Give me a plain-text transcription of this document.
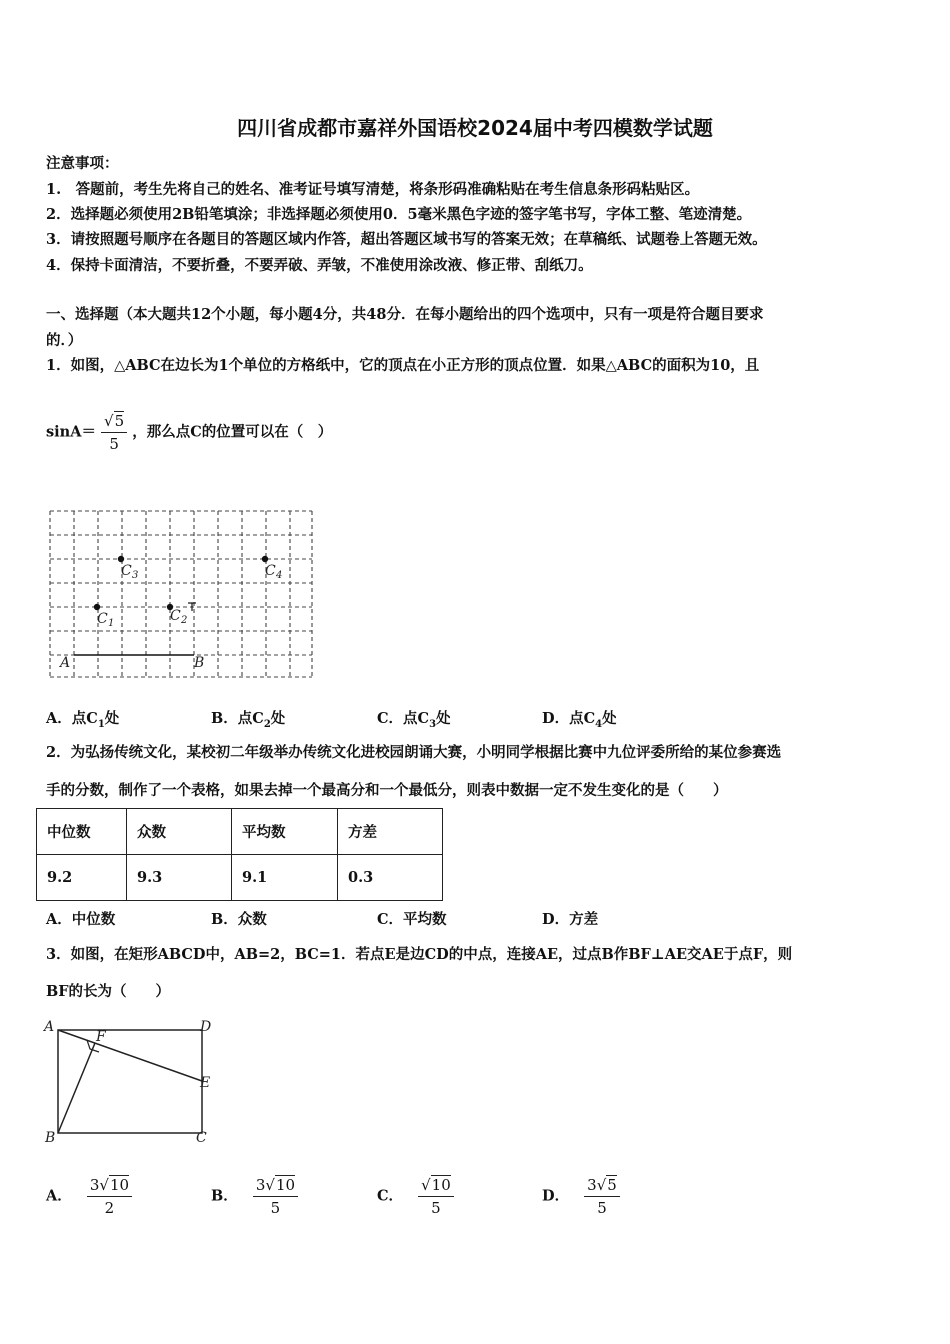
四川省成都市嘉祥外国语校2024届中考四模数学试题
注意事项：
1.　答题前，考生先将自己的姓名、准考证号填写清楚，将条形码准确粘贴在考生信息条形码粘贴区。
2．选择题必须使用2B铅笔填涂；非选择题必须使用0．5毫米黑色字迹的签字笔书写，字体工整、笔迹清楚。
3．请按照题号顺序在各题目的答题区域内作答，超出答题区域书写的答案无效；在草稿纸、试题卷上答题无效。
4．保持卡面清洁，不要折叠，不要弄破、弄皱，不准使用涂改液、修正带、刮纸刀。
一、选择题（本大题共12个小题，每小题4分，共48分．在每小题给出的四个选项中，只有一项是符合题目要求
的．）
1．如图，△ABC在边长为1个单位的方格纸中，它的顶点在小正方形的顶点位置．如果△ABC的面积为10，且
$\sin A= \frac{√5}{5}$ ，那么点C的位置可以在（　）
A	B
C 3	C 4
C 1	C 2
A．点$C_1$处	B．点$C_2$处	C．点$C_3$处	D．点$C_4$处
2．为弘扬传统文化，某校初二年级举办传统文化进校园朗诵大赛，小明同学根据比赛中九位评委所给的某位参赛选
手的分数，制作了一个表格，如果去掉一个最高分和一个最低分，则表中数据一定不发生变化的是（　　）
中位数	众数	平均数	方差
9.2	9.3	9.1	0.3
A．中位数	B．众数	C．平均数	D．方差
3．如图，在矩形ABCD中，AB=2，BC=1．若点E是边CD的中点，连接AE，过点B作BF⊥AE交AE于点F，则
BF的长为（　　）
A	D
F
E
B	C
A． $\frac{3√10}{2}$	B． $\frac{3√10}{5}$	C． $\frac{√10}{5}$	D． $\frac{3√5}{5}$
